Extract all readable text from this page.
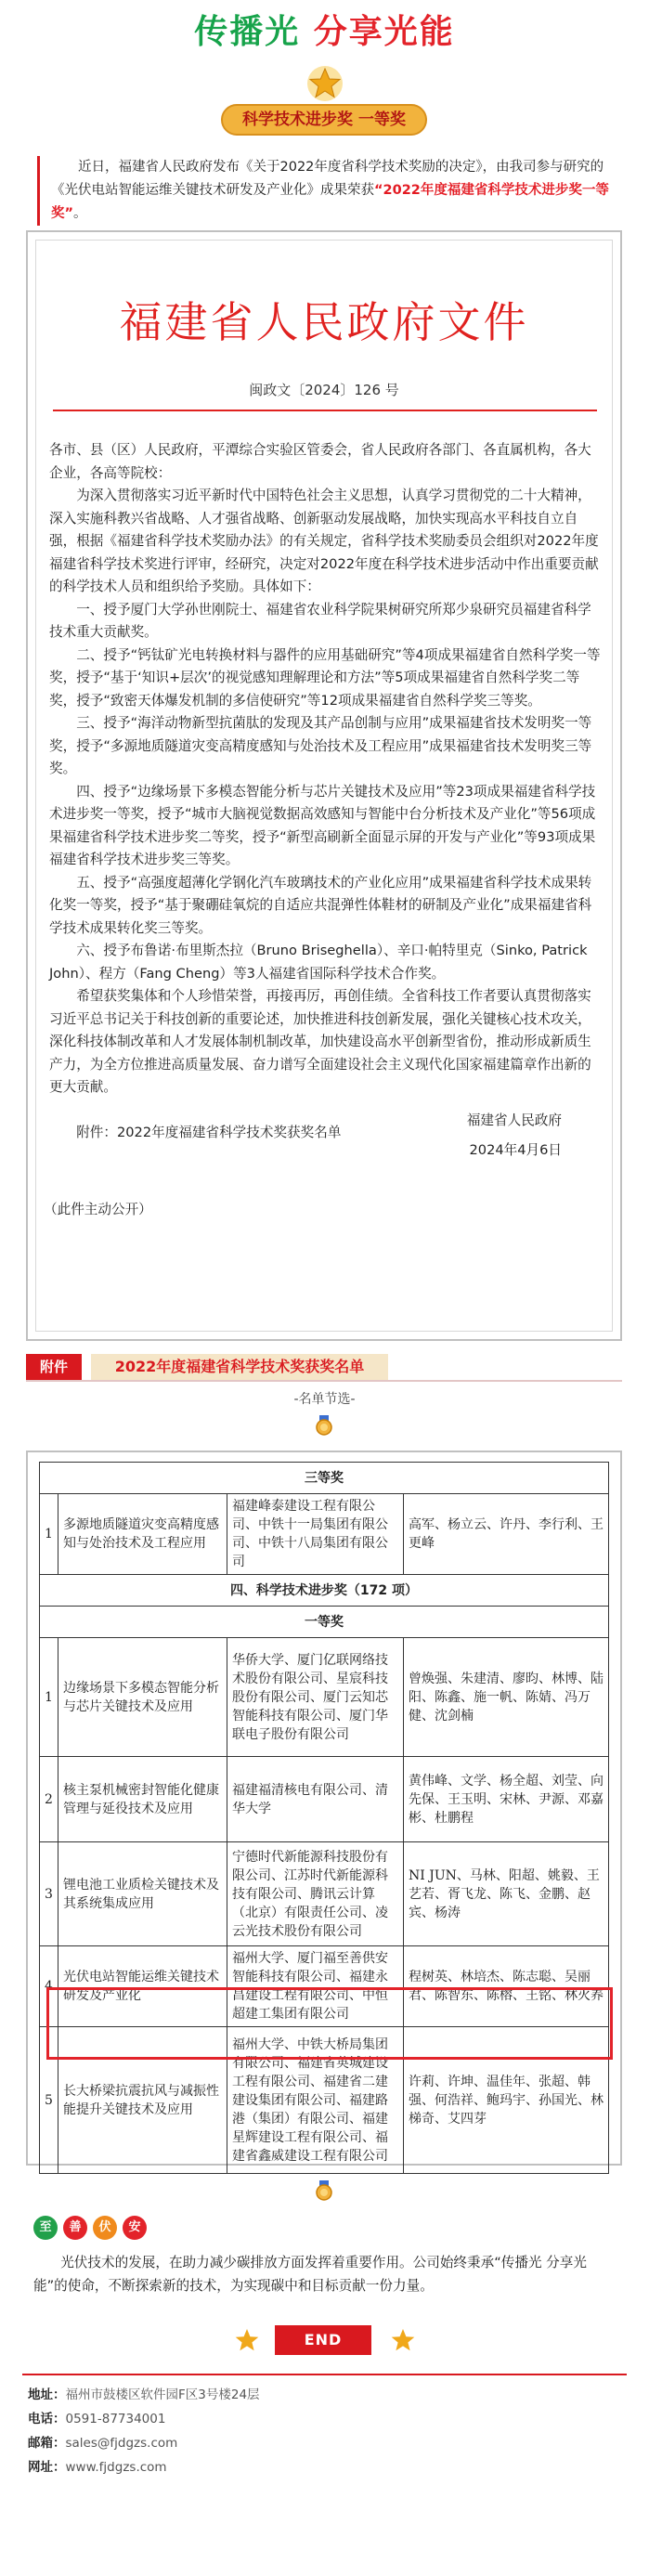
传播光 分享光能
科学技术进步奖 一等奖
近日，福建省人民政府发布《关于2022年度省科学技术奖励的决定》，由我司参与研究的《光伏电站智能运维关键技术研发及产业化》成果荣获“2022年度福建省科学技术进步奖一等奖”。
福建省人民政府文件
闽政文〔2024〕126 号

各市、县（区）人民政府，平潭综合实验区管委会，省人民政府各部门、各直属机构，各大企业，各高等院校：

为深入贯彻落实习近平新时代中国特色社会主义思想，认真学习贯彻党的二十大精神，深入实施科教兴省战略、人才强省战略、创新驱动发展战略，加快实现高水平科技自立自强，根据《福建省科学技术奖励办法》的有关规定，省科学技术奖励委员会组织对2022年度福建省科学技术奖进行评审，经研究，决定对2022年度在科学技术进步活动中作出重要贡献的科学技术人员和组织给予奖励。具体如下：

一、授予厦门大学孙世刚院士、福建省农业科学院果树研究所郑少泉研究员福建省科学技术重大贡献奖。

二、授予“钙钛矿光电转换材料与器件的应用基础研究”等4项成果福建省自然科学奖一等奖，授予“基于‘知识+层次’的视觉感知理解理论和方法”等5项成果福建省自然科学奖二等奖，授予“致密天体爆发机制的多信使研究”等12项成果福建省自然科学奖三等奖。

三、授予“海洋动物新型抗菌肽的发现及其产品创制与应用”成果福建省技术发明奖一等奖，授予“多源地质隧道灾变高精度感知与处治技术及工程应用”成果福建省技术发明奖三等奖。

四、授予“边缘场景下多模态智能分析与芯片关键技术及应用”等23项成果福建省科学技术进步奖一等奖，授予“城市大脑视觉数据高效感知与智能中台分析技术及产业化”等56项成果福建省科学技术进步奖二等奖，授予“新型高刷新全面显示屏的开发与产业化”等93项成果福建省科学技术进步奖三等奖。

五、授予“高强度超薄化学钢化汽车玻璃技术的产业化应用”成果福建省科学技术成果转化奖一等奖，授予“基于聚硼硅氧烷的自适应共混弹性体鞋材的研制及产业化”成果福建省科学技术成果转化奖三等奖。

六、授予布鲁诺·布里斯杰拉（Bruno Briseghella）、辛口·帕特里克（Sinko, Patrick John）、程方（Fang Cheng）等3人福建省国际科学技术合作奖。

希望获奖集体和个人珍惜荣誉，再接再厉，再创佳绩。全省科技工作者要认真贯彻落实习近平总书记关于科技创新的重要论述，加快推进科技创新发展，强化关键核心技术攻关，深化科技体制改革和人才发展体制机制改革，加快建设高水平创新型省份，推动形成新质生产力，为全方位推进高质量发展、奋力谱写全面建设社会主义现代化国家福建篇章作出新的更大贡献。

附件：2022年度福建省科学技术奖获奖名单

福建省人民政府
2024年4月6日
（此件主动公开）
附件	2022年度福建省科学技术奖获奖名单
-名单节选-
三等奖			
1	多源地质隧道灾变高精度感知与处治技术及工程应用	福建峰泰建设工程有限公司、中铁十一局集团有限公司、中铁十八局集团有限公司	高军、杨立云、许丹、李行利、王更峰
四、科学技术进步奖（172 项）			
一等奖			
1	边缘场景下多模态智能分析与芯片关键技术及应用	华侨大学、厦门亿联网络技术股份有限公司、星宸科技股份有限公司、厦门云知芯智能科技有限公司、厦门华联电子股份有限公司	曾焕强、朱建清、廖昀、林博、陆阳、陈鑫、施一帆、陈婧、冯万健、沈剑楠
2	核主泵机械密封智能化健康管理与延役技术及应用	福建福清核电有限公司、清华大学	黄伟峰、文学、杨全超、刘莹、向先保、王玉明、宋林、尹源、邓嘉彬、杜鹏程
3	锂电池工业质检关键技术及其系统集成应用	宁德时代新能源科技股份有限公司、江苏时代新能源科技有限公司、腾讯云计算（北京）有限责任公司、凌云光技术股份有限公司	NI JUN、马林、阳超、姚毅、王艺若、胥飞龙、陈飞、金鹏、赵宾、杨涛
4	光伏电站智能运维关键技术研发及产业化	福州大学、厦门福至善供安智能科技有限公司、福建永昌建设工程有限公司、中恒超建工集团有限公司	程树英、林培杰、陈志聪、吴丽君、陈智东、陈榕、王铭、林火养
5	长大桥梁抗震抗风与减振性能提升关键技术及应用	福州大学、中铁大桥局集团有限公司、福建省英城建设工程有限公司、福建省二建建设集团有限公司、福建路港（集团）有限公司、福建星辉建设工程有限公司、福建省鑫威建设工程有限公司	许莉、许坤、温佳年、张超、韩强、何浩祥、鲍玛宇、孙国光、林梯奇、艾四芽
至 善 伏 安
光伏技术的发展，在助力减少碳排放方面发挥着重要作用。公司始终秉承“传播光 分享光能”的使命，不断探索新的技术，为实现碳中和目标贡献一份力量。
END
地址：福州市鼓楼区软件园F区3号楼24层
电话：0591-87734001
邮箱：sales@fjdgzs.com
网址：www.fjdgzs.com
